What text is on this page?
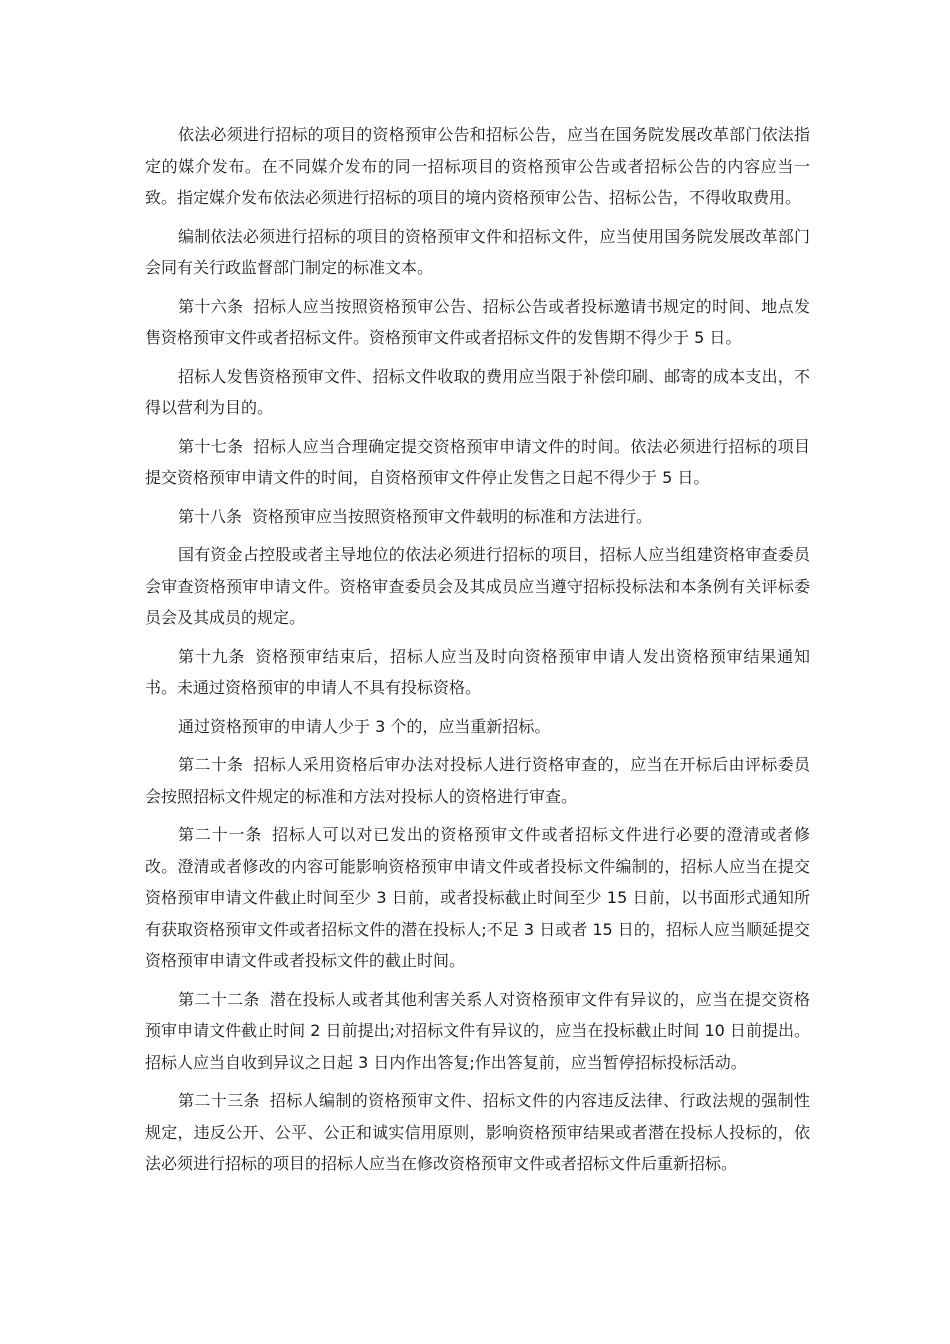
依法必须进行招标的项目的资格预审公告和招标公告，应当在国务院发展改革部门依法指定的媒介发布。在不同媒介发布的同一招标项目的资格预审公告或者招标公告的内容应当一致。指定媒介发布依法必须进行招标的项目的境内资格预审公告、招标公告，不得收取费用。

编制依法必须进行招标的项目的资格预审文件和招标文件，应当使用国务院发展改革部门会同有关行政监督部门制定的标准文本。

第十六条 招标人应当按照资格预审公告、招标公告或者投标邀请书规定的时间、地点发售资格预审文件或者招标文件。资格预审文件或者招标文件的发售期不得少于 5 日。

招标人发售资格预审文件、招标文件收取的费用应当限于补偿印刷、邮寄的成本支出，不得以营利为目的。

第十七条 招标人应当合理确定提交资格预审申请文件的时间。依法必须进行招标的项目提交资格预审申请文件的时间，自资格预审文件停止发售之日起不得少于 5 日。

第十八条 资格预审应当按照资格预审文件载明的标准和方法进行。

国有资金占控股或者主导地位的依法必须进行招标的项目，招标人应当组建资格审查委员会审查资格预审申请文件。资格审查委员会及其成员应当遵守招标投标法和本条例有关评标委员会及其成员的规定。

第十九条 资格预审结束后，招标人应当及时向资格预审申请人发出资格预审结果通知书。未通过资格预审的申请人不具有投标资格。

通过资格预审的申请人少于 3 个的，应当重新招标。

第二十条 招标人采用资格后审办法对投标人进行资格审查的，应当在开标后由评标委员会按照招标文件规定的标准和方法对投标人的资格进行审查。

第二十一条 招标人可以对已发出的资格预审文件或者招标文件进行必要的澄清或者修改。澄清或者修改的内容可能影响资格预审申请文件或者投标文件编制的，招标人应当在提交资格预审申请文件截止时间至少 3 日前，或者投标截止时间至少 15 日前，以书面形式通知所有获取资格预审文件或者招标文件的潜在投标人;不足 3 日或者 15 日的，招标人应当顺延提交资格预审申请文件或者投标文件的截止时间。

第二十二条 潜在投标人或者其他利害关系人对资格预审文件有异议的，应当在提交资格预审申请文件截止时间 2 日前提出;对招标文件有异议的，应当在投标截止时间 10 日前提出。招标人应当自收到异议之日起 3 日内作出答复;作出答复前，应当暂停招标投标活动。

第二十三条 招标人编制的资格预审文件、招标文件的内容违反法律、行政法规的强制性规定，违反公开、公平、公正和诚实信用原则，影响资格预审结果或者潜在投标人投标的，依法必须进行招标的项目的招标人应当在修改资格预审文件或者招标文件后重新招标。
